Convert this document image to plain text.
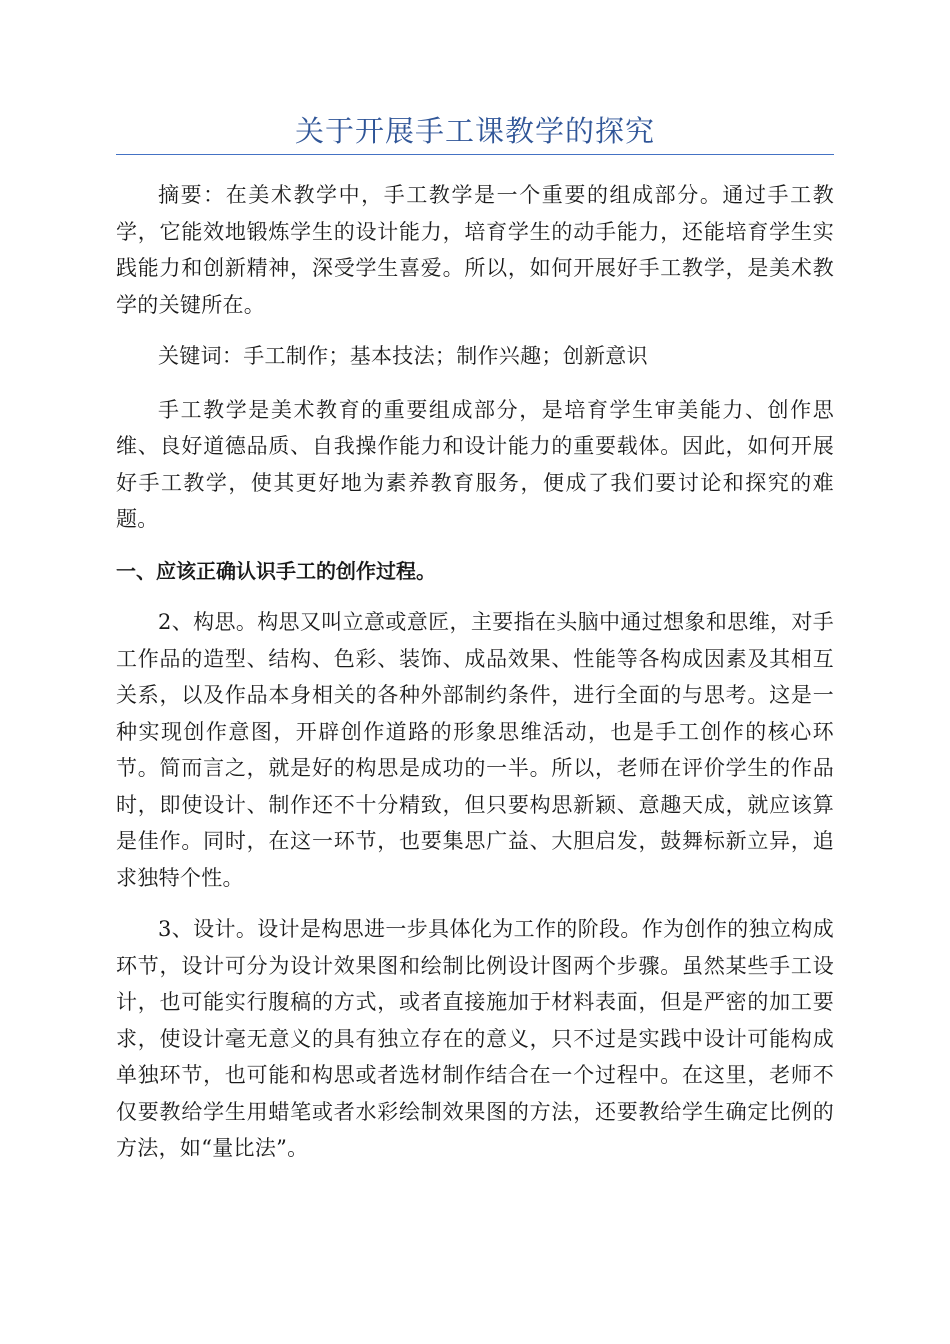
关于开展手工课教学的探究

摘要：在美术教学中，手工教学是一个重要的组成部分。通过手工教学，它能效地锻炼学生的设计能力，培育学生的动手能力，还能培育学生实践能力和创新精神，深受学生喜爱。所以，如何开展好手工教学，是美术教学的关键所在。

关键词：手工制作；基本技法；制作兴趣；创新意识

手工教学是美术教育的重要组成部分，是培育学生审美能力、创作思维、良好道德品质、自我操作能力和设计能力的重要载体。因此，如何开展好手工教学，使其更好地为素养教育服务，便成了我们要讨论和探究的难题。

一、应该正确认识手工的创作过程。

2、构思。构思又叫立意或意匠，主要指在头脑中通过想象和思维，对手工作品的造型、结构、色彩、装饰、成品效果、性能等各构成因素及其相互关系，以及作品本身相关的各种外部制约条件，进行全面的与思考。这是一种实现创作意图，开辟创作道路的形象思维活动，也是手工创作的核心环节。简而言之，就是好的构思是成功的一半。所以，老师在评价学生的作品时，即使设计、制作还不十分精致，但只要构思新颖、意趣天成，就应该算是佳作。同时，在这一环节，也要集思广益、大胆启发，鼓舞标新立异，追求独特个性。

3、设计。设计是构思进一步具体化为工作的阶段。作为创作的独立构成环节，设计可分为设计效果图和绘制比例设计图两个步骤。虽然某些手工设计，也可能实行腹稿的方式，或者直接施加于材料表面，但是严密的加工要求，使设计毫无意义的具有独立存在的意义，只不过是实践中设计可能构成单独环节，也可能和构思或者选材制作结合在一个过程中。在这里，老师不仅要教给学生用蜡笔或者水彩绘制效果图的方法，还要教给学生确定比例的方法，如“量比法”。
